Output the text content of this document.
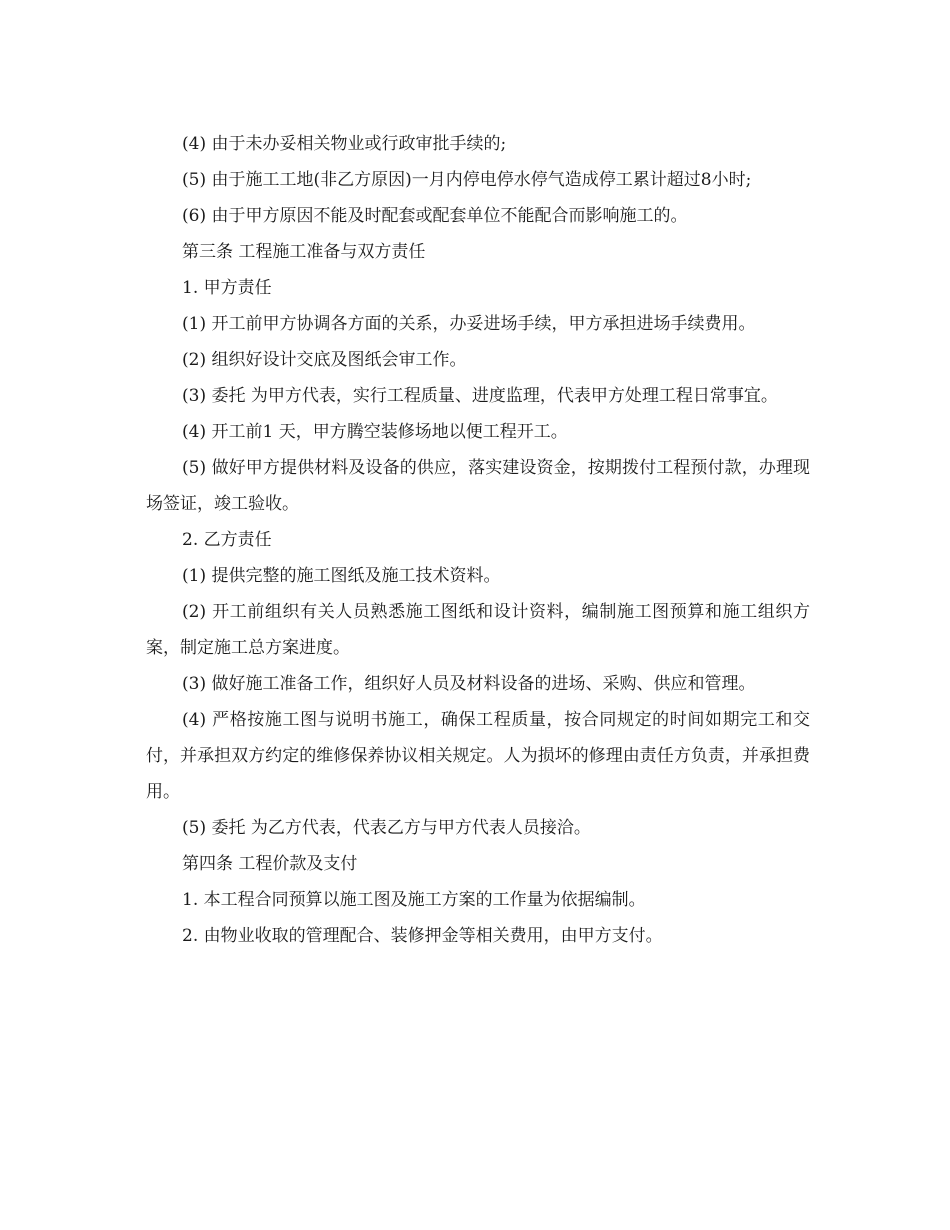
(4) 由于未办妥相关物业或行政审批手续的;

(5) 由于施工工地(非乙方原因)一月内停电停水停气造成停工累计超过8小时;

(6) 由于甲方原因不能及时配套或配套单位不能配合而影响施工的。

第三条 工程施工准备与双方责任

1. 甲方责任

(1) 开工前甲方协调各方面的关系，办妥进场手续，甲方承担进场手续费用。

(2) 组织好设计交底及图纸会审工作。

(3) 委托 为甲方代表，实行工程质量、进度监理，代表甲方处理工程日常事宜。

(4) 开工前1 天，甲方腾空装修场地以便工程开工。

(5) 做好甲方提供材料及设备的供应，落实建设资金，按期拨付工程预付款，办理现场签证，竣工验收。

2. 乙方责任

(1) 提供完整的施工图纸及施工技术资料。

(2) 开工前组织有关人员熟悉施工图纸和设计资料，编制施工图预算和施工组织方案，制定施工总方案进度。

(3) 做好施工准备工作，组织好人员及材料设备的进场、采购、供应和管理。

(4) 严格按施工图与说明书施工，确保工程质量，按合同规定的时间如期完工和交付，并承担双方约定的维修保养协议相关规定。人为损坏的修理由责任方负责，并承担费用。

(5) 委托 为乙方代表，代表乙方与甲方代表人员接洽。

第四条 工程价款及支付

1. 本工程合同预算以施工图及施工方案的工作量为依据编制。

2. 由物业收取的管理配合、装修押金等相关费用，由甲方支付。
